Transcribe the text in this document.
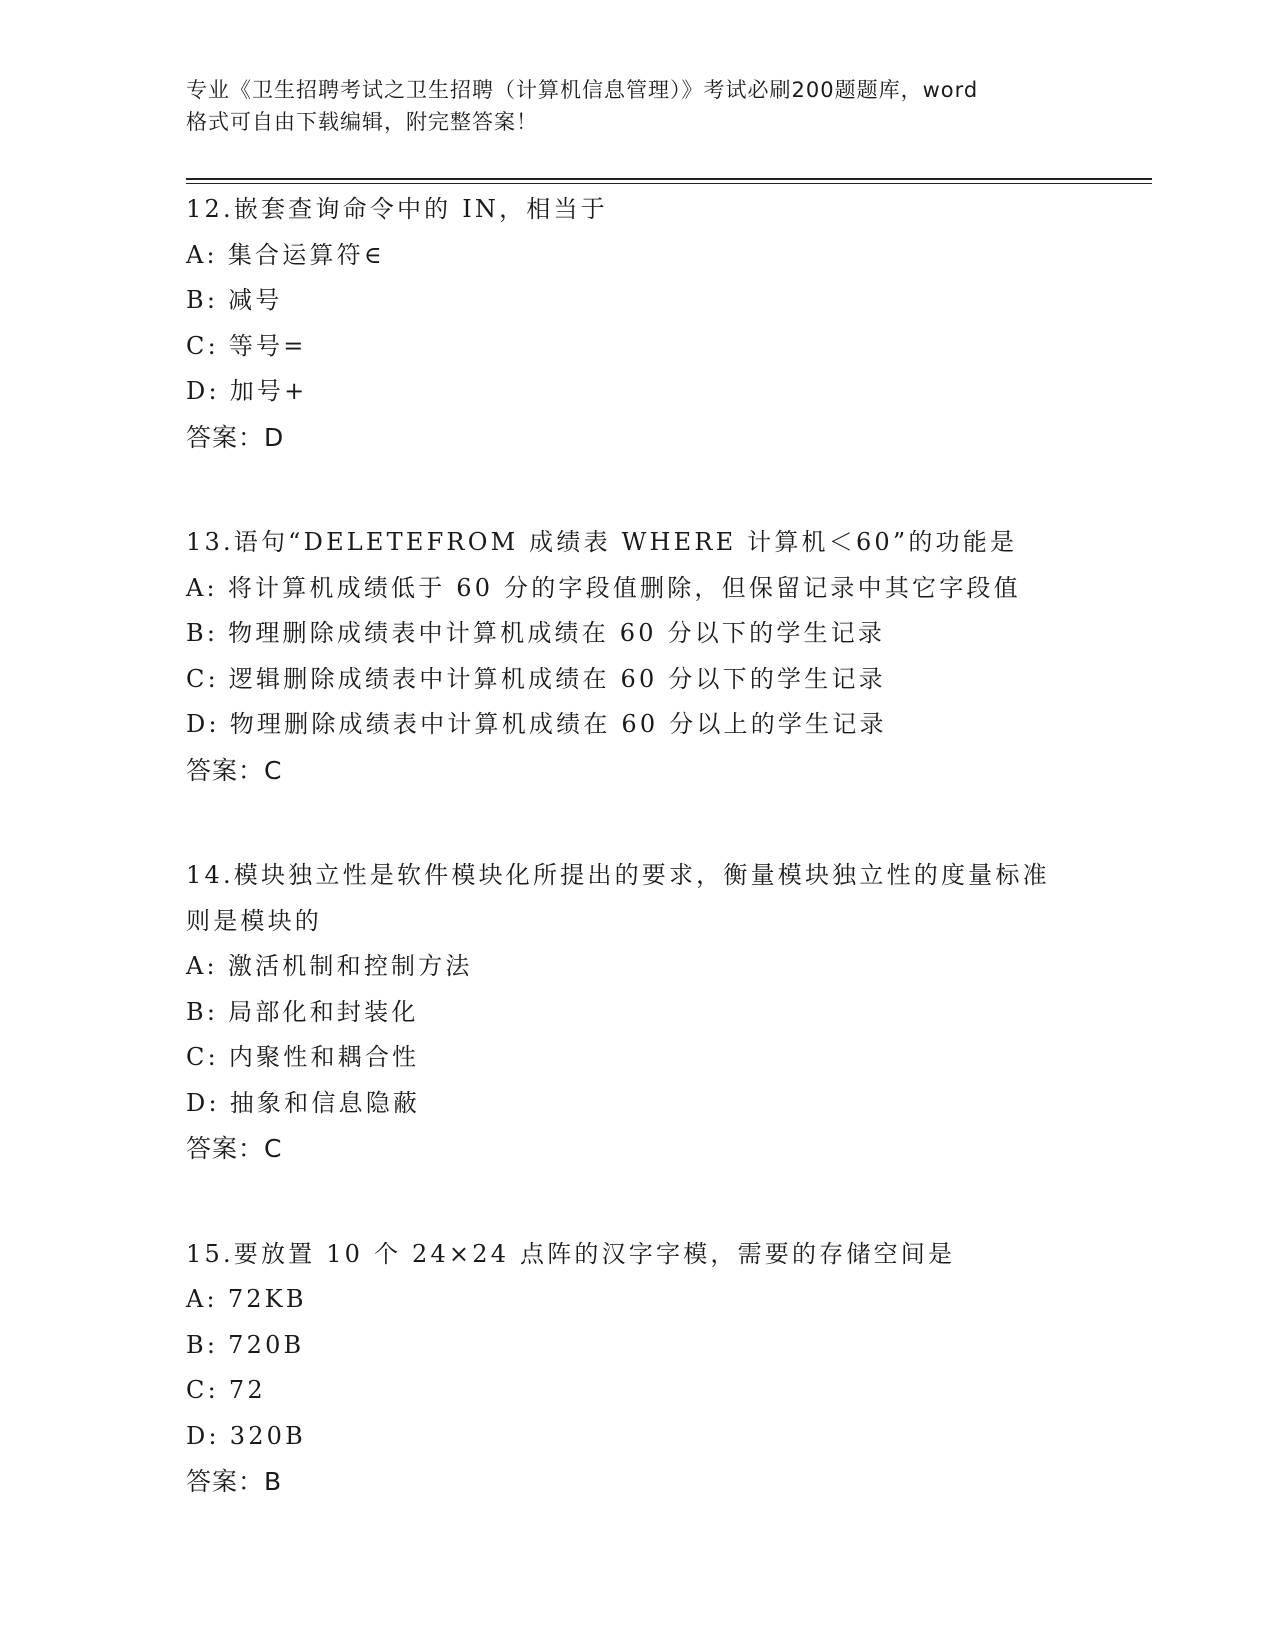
专业《卫生招聘考试之卫生招聘（计算机信息管理）》考试必刷200题题库，word
格式可自由下载编辑，附完整答案！
12.嵌套查询命令中的 IN，相当于
A: 集合运算符∈
B: 减号
C: 等号=
D: 加号+
答案：D
13.语句“DELETEFROM 成绩表 WHERE 计算机＜60”的功能是
A: 将计算机成绩低于 60 分的字段值删除，但保留记录中其它字段值
B: 物理删除成绩表中计算机成绩在 60 分以下的学生记录
C: 逻辑删除成绩表中计算机成绩在 60 分以下的学生记录
D: 物理删除成绩表中计算机成绩在 60 分以上的学生记录
答案：C
14.模块独立性是软件模块化所提出的要求，衡量模块独立性的度量标准则是模块的
A: 激活机制和控制方法
B: 局部化和封装化
C: 内聚性和耦合性
D: 抽象和信息隐蔽
答案：C
15.要放置 10 个 24×24 点阵的汉字字模，需要的存储空间是
A: 72KB
B: 720B
C: 72
D: 320B
答案：B
